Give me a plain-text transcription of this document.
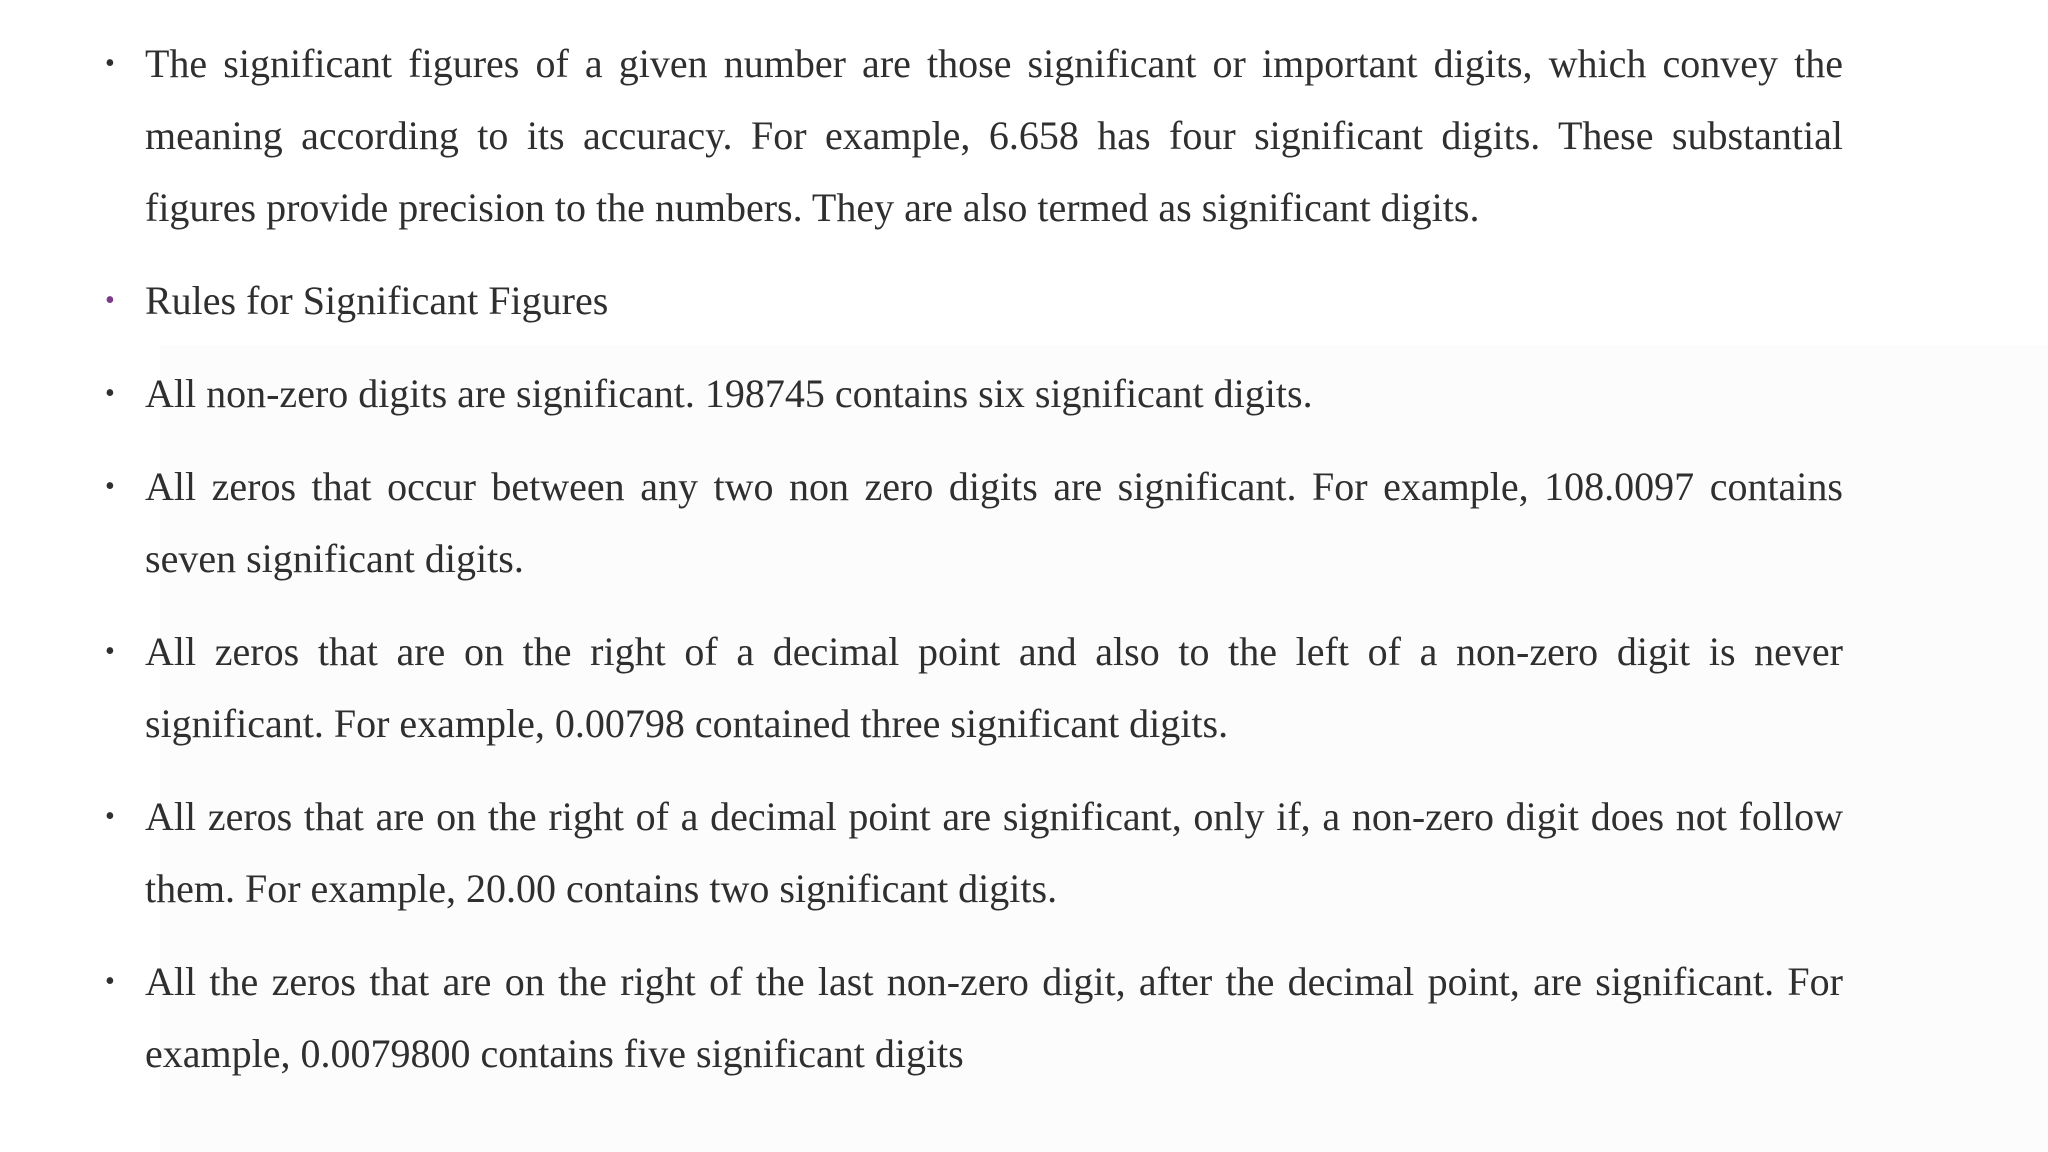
• The significant figures of a given number are those significant or important digits, which convey the meaning according to its accuracy. For example, 6.658 has four significant digits. These substantial figures provide precision to the numbers. They are also termed as significant digits.
• Rules for Significant Figures
• All non-zero digits are significant. 198745 contains six significant digits.
• All zeros that occur between any two non zero digits are significant. For example, 108.0097 contains seven significant digits.
• All zeros that are on the right of a decimal point and also to the left of a non-zero digit is never significant. For example, 0.00798 contained three significant digits.
• All zeros that are on the right of a decimal point are significant, only if, a non-zero digit does not follow them. For example, 20.00 contains two significant digits.
• All the zeros that are on the right of the last non-zero digit, after the decimal point, are significant. For example, 0.0079800 contains five significant digits
